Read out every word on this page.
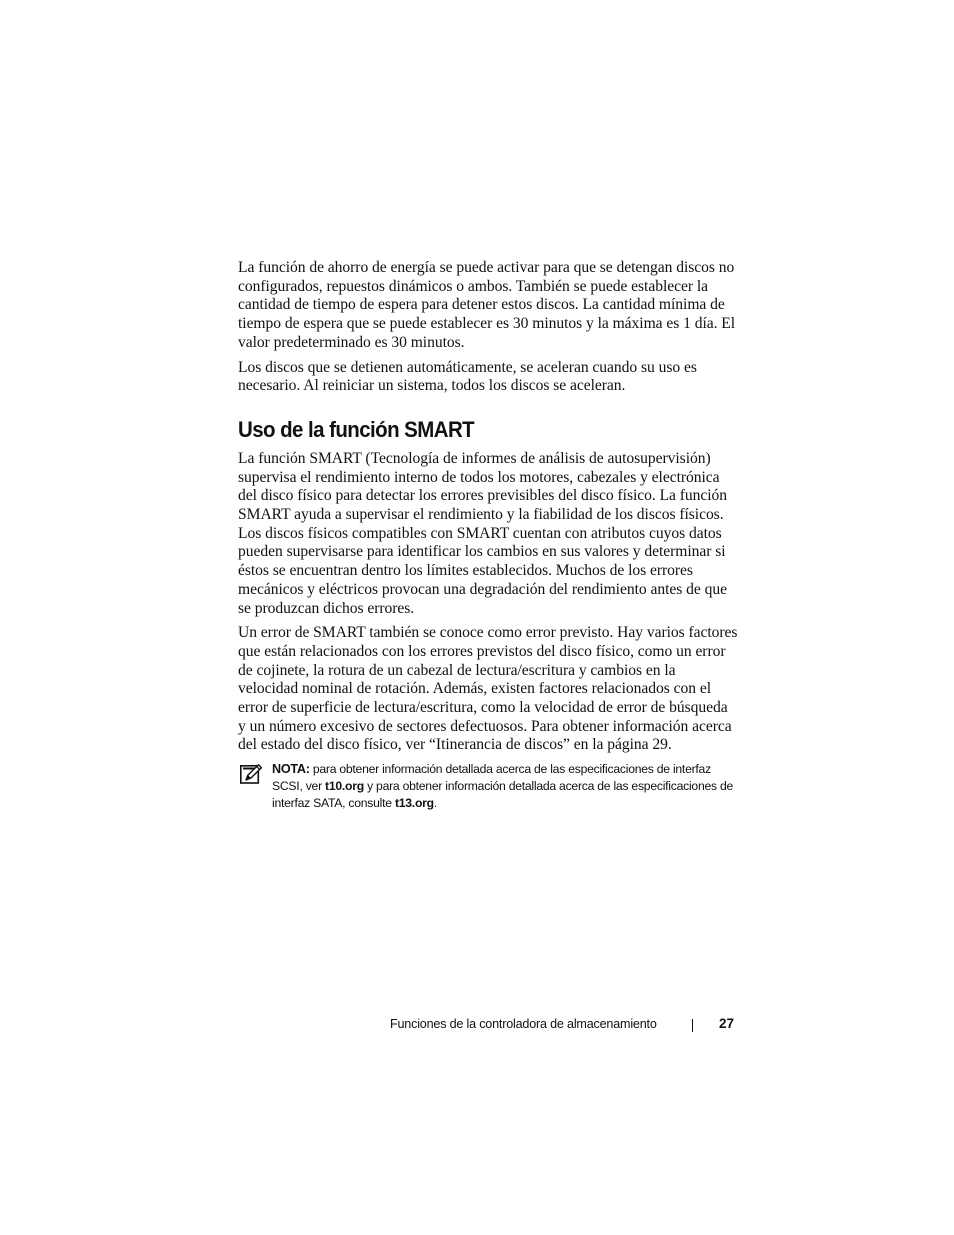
La función de ahorro de energía se puede activar para que se detengan discos no configurados, repuestos dinámicos o ambos. También se puede establecer la cantidad de tiempo de espera para detener estos discos. La cantidad mínima de tiempo de espera que se puede establecer es 30 minutos y la máxima es 1 día. El valor predeterminado es 30 minutos.

Los discos que se detienen automáticamente, se aceleran cuando su uso es necesario. Al reiniciar un sistema, todos los discos se aceleran.

Uso de la función SMART

La función SMART (Tecnología de informes de análisis de autosupervisión) supervisa el rendimiento interno de todos los motores, cabezales y electrónica del disco físico para detectar los errores previsibles del disco físico. La función SMART ayuda a supervisar el rendimiento y la fiabilidad de los discos físicos. Los discos físicos compatibles con SMART cuentan con atributos cuyos datos pueden supervisarse para identificar los cambios en sus valores y determinar si éstos se encuentran dentro los límites establecidos. Muchos de los errores mecánicos y eléctricos provocan una degradación del rendimiento antes de que se produzcan dichos errores.

Un error de SMART también se conoce como error previsto. Hay varios factores que están relacionados con los errores previstos del disco físico, como un error de cojinete, la rotura de un cabezal de lectura/escritura y cambios en la velocidad nominal de rotación. Además, existen factores relacionados con el error de superficie de lectura/escritura, como la velocidad de error de búsqueda y un número excesivo de sectores defectuosos. Para obtener información acerca del estado del disco físico, ver “Itinerancia de discos” en la página 29.

NOTA: para obtener información detallada acerca de las especificaciones de interfaz SCSI, ver t10.org y para obtener información detallada acerca de las especificaciones de interfaz SATA, consulte t13.org.
Funciones de la controladora de almacenamiento	27
